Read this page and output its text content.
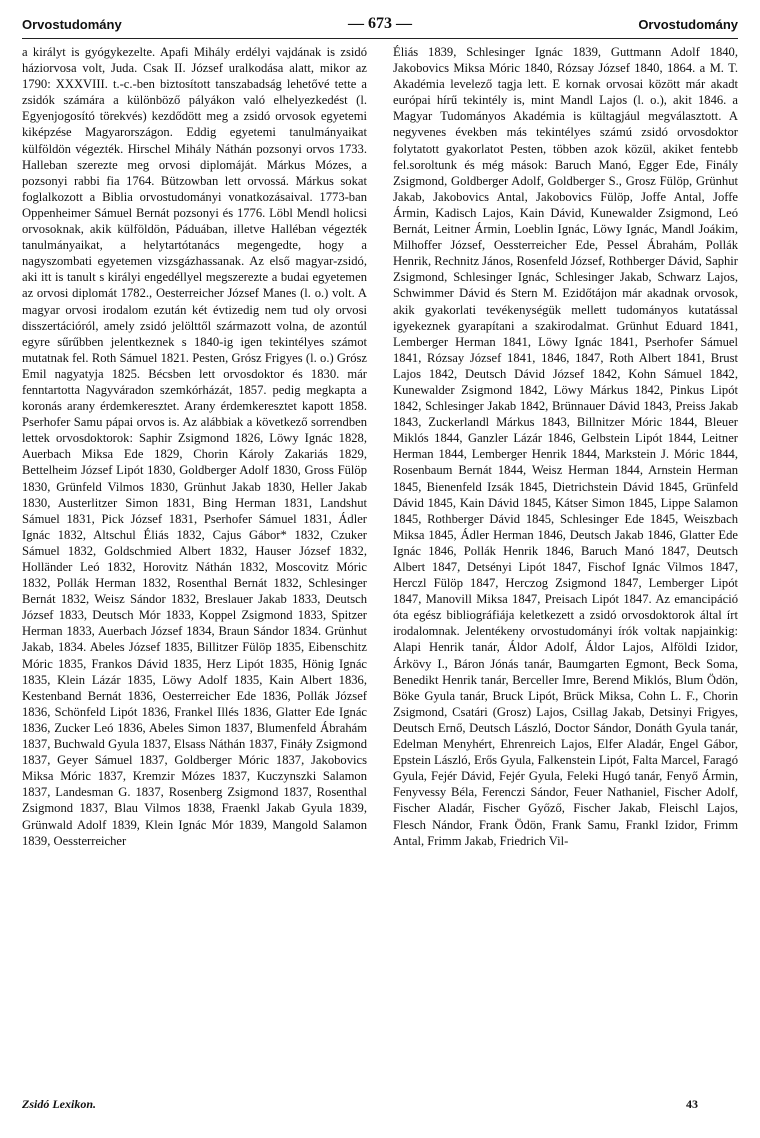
Orvostudomány	— 673 —	Orvostudomány

a királyt is gyógykezelte. Apafi Mihály erdélyi vajdának is zsidó háziorvosa volt, Juda. Csak II. József uralkodása alatt, mikor az 1790: XXXVIII. t.-c.-ben biztosított tanszabadság lehetővé tette a zsidók számára a különböző pályákon való elhelyezkedést (l. Egyenjogosító törekvés) kezdődött meg a zsidó orvosok egyetemi kiképzése Magyarországon. Eddig egyetemi tanulmányaikat külföldön végezték. Hirschel Mihály Náthán pozsonyi orvos 1733. Halleban szerezte meg orvosi diplomáját. Márkus Mózes, a pozsonyi rabbi fia 1764. Bützowban lett orvossá. Márkus sokat foglalkozott a Biblia orvostudományi vonatkozásaival. 1773-ban Oppenheimer Sámuel Bernát pozsonyi és 1776. Löbl Mendl holicsi orvosoknak, akik külföldön, Páduában, illetve Halléban végezték tanulmányaikat, a helytartótanács megengedte, hogy a nagyszombati egyetemen vizsgázhassanak. Az első magyar-zsidó, aki itt is tanult s királyi engedéllyel megszerezte a budai egyetemen az orvosi diplomát 1782., Oesterreicher József Manes (l. o.) volt. A magyar orvosi irodalom ezután két évtizedig nem tud oly orvosi disszertációról, amely zsidó jelölttől származott volna, de azontúl egyre sűrűbben jelentkeznek s 1840-ig igen tekintélyes számot mutatnak fel. Roth Sámuel 1821. Pesten, Grósz Frigyes (l. o.) Grósz Emil nagyatyja 1825. Bécsben lett orvosdoktor és 1830. már fenntartotta Nagyváradon szemkórházát, 1857. pedig megkapta a koronás arany érdemkeresztet. Arany érdemkeresztet kapott 1858. Pserhofer Samu pápai orvos is. Az alábbiak a következő sorrendben lettek orvosdoktorok: Saphir Zsigmond 1826, Löwy Ignác 1828, Auerbach Miksa Ede 1829, Chorin Károly Zakariás 1829, Bettelheim József Lipót 1830, Goldberger Adolf 1830, Gross Fülöp 1830, Grünfeld Vilmos 1830, Grünhut Jakab 1830, Heller Jakab 1830, Austerlitzer Simon 1831, Bing Herman 1831, Landshut Sámuel 1831, Pick József 1831, Pserhofer Sámuel 1831, Ádler Ignác 1832, Altschul Éliás 1832, Cajus Gábor* 1832, Czuker Sámuel 1832, Goldschmied Albert 1832, Hauser József 1832, Holländer Leó 1832, Horovitz Náthán 1832, Moscovitz Móric 1832, Pollák Herman 1832, Rosenthal Bernát 1832, Schlesinger Bernát 1832, Weisz Sándor 1832, Breslauer Jakab 1833, Deutsch József 1833, Deutsch Mór 1833, Koppel Zsigmond 1833, Spitzer Herman 1833, Auerbach József 1834, Braun Sándor 1834. Grünhut Jakab, 1834. Abeles József 1835, Billitzer Fülöp 1835, Eibenschitz Móric 1835, Frankos Dávid 1835, Herz Lipót 1835, Hönig Ignác 1835, Klein Lázár 1835, Löwy Adolf 1835, Kain Albert 1836, Kestenband Bernát 1836, Oesterreicher Ede 1836, Pollák József 1836, Schönfeld Lipót 1836, Frankel Illés 1836, Glatter Ede Ignác 1836, Zucker Leó 1836, Abeles Simon 1837, Blumenfeld Ábrahám 1837, Buchwald Gyula 1837, Elsass Náthán 1837, Fináły Zsigmond 1837, Geyer Sámuel 1837, Goldberger Móric 1837, Jakobovics Miksa Móric 1837, Kremzir Mózes 1837, Kuczynszki Salamon 1837, Landesman G. 1837, Rosenberg Zsigmond 1837, Rosenthal Zsigmond 1837, Blau Vilmos 1838, Fraenkl Jakab Gyula 1839, Grünwald Adolf 1839, Klein Ignác Mór 1839, Mangold Salamon 1839, Oessterreicher

Éliás 1839, Schlesinger Ignác 1839, Guttmann Adolf 1840, Jakobovics Miksa Móric 1840, Rózsay József 1840, 1864. a M. T. Akadémia levelező tagja lett. E kornak orvosai között már akadt európai hírű tekintély is, mint Mandl Lajos (l. o.), akit 1846. a Magyar Tudományos Akadémia is kültagjául megválasztott. A negyvenes években más tekintélyes számú zsidó orvosdoktor folytatott gyakorlatot Pesten, többen azok közül, akiket fentebb fel.soroltunk és még mások: Baruch Manó, Egger Ede, Finály Zsigmond, Goldberger Adolf, Goldberger S., Grosz Fülöp, Grünhut Jakab, Jakobovics Antal, Jakobovics Fülöp, Joffe Antal, Joffe Ármin, Kadisch Lajos, Kain Dávid, Kunewalder Zsigmond, Leó Bernát, Leitner Ármin, Loeblin Ignác, Löwy Ignác, Mandl Joákim, Milhoffer József, Oessterreicher Ede, Pessel Ábrahám, Pollák Henrik, Rechnitz János, Rosenfeld József, Rothberger Dávid, Saphir Zsigmond, Schlesinger Ignác, Schlesinger Jakab, Schwarz Lajos, Schwimmer Dávid és Stern M. Ezidőtájon már akadnak orvosok, akik gyakorlati tevékenységük mellett tudományos kutatással igyekeznek gyarapítani a szakirodalmat. Grünhut Eduard 1841, Lemberger Herman 1841, Löwy Ignác 1841, Pserhofer Sámuel 1841, Rózsay József 1841, 1846, 1847, Roth Albert 1841, Brust Lajos 1842, Deutsch Dávid József 1842, Kohn Sámuel 1842, Kunewalder Zsigmond 1842, Löwy Márkus 1842, Pinkus Lipót 1842, Schlesinger Jakab 1842, Brünnauer Dávid 1843, Preiss Jakab 1843, Zuckerlandl Márkus 1843, Billnitzer Móric 1844, Bleuer Miklós 1844, Ganzler Lázár 1846, Gelbstein Lipót 1844, Leitner Herman 1844, Lemberger Henrik 1844, Markstein J. Móric 1844, Rosenbaum Bernát 1844, Weisz Herman 1844, Arnstein Herman 1845, Bienenfeld Izsák 1845, Dietrichstein Dávid 1845, Grünfeld Dávid 1845, Kain Dávid 1845, Kátser Simon 1845, Lippe Salamon 1845, Rothberger Dávid 1845, Schlesinger Ede 1845, Weiszbach Miksa 1845, Ádler Herman 1846, Deutsch Jakab 1846, Glatter Ede Ignác 1846, Pollák Henrik 1846, Baruch Manó 1847, Deutsch Albert 1847, Detsényi Lipót 1847, Fischof Ignác Vilmos 1847, Herczl Fülöp 1847, Herczog Zsigmond 1847, Lemberger Lipót 1847, Manovill Miksa 1847, Preisach Lipót 1847. Az emancipáció óta egész bibliográfiája keletkezett a zsidó orvosdoktorok által írt irodalomnak. Jelentékeny orvostudományi írók voltak napjainkig: Alapi Henrik tanár, Áldor Adolf, Áldor Lajos, Alföldi Izidor, Árkövy I., Báron Jónás tanár, Baumgarten Egmont, Beck Soma, Benedikt Henrik tanár, Berceller Imre, Berend Miklós, Blum Ödön, Böke Gyula tanár, Bruck Lipót, Brück Miksa, Cohn L. F., Chorin Zsigmond, Csatári (Grosz) Lajos, Csillag Jakab, Detsinyi Frigyes, Deutsch Ernő, Deutsch László, Doctor Sándor, Donáth Gyula tanár, Edelman Menyhért, Ehrenreich Lajos, Elfer Aladár, Engel Gábor, Epstein László, Erős Gyula, Falkenstein Lipót, Falta Marcel, Faragó Gyula, Fejér Dávid, Fejér Gyula, Feleki Hugó tanár, Fenyő Ármin, Fenyvessy Béla, Ferenczi Sándor, Feuer Nathaniel, Fischer Adolf, Fischer Aladár, Fischer Győző, Fischer Jakab, Fleischl Lajos, Flesch Nándor, Frank Ödön, Frank Samu, Frankl Izidor, Frimm Antal, Frimm Jakab, Friedrich Vil-

Zsidó Lexikon.	43
